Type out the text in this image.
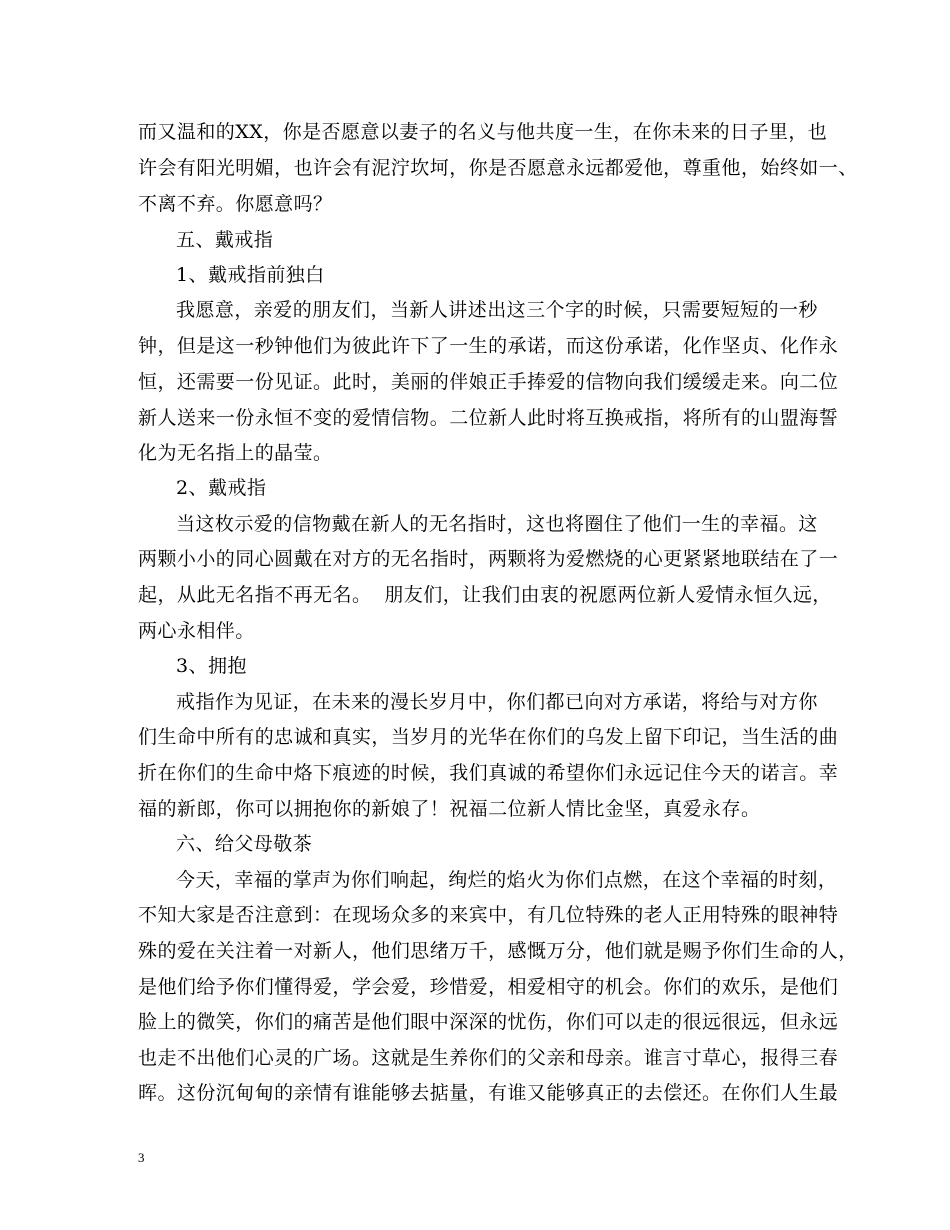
而又温和的XX，你是否愿意以妻子的名义与他共度一生，在你未来的日子里，也
许会有阳光明媚，也许会有泥泞坎坷，你是否愿意永远都爱他，尊重他，始终如一、
不离不弃。你愿意吗？
五、戴戒指
1、戴戒指前独白
我愿意，亲爱的朋友们，当新人讲述出这三个字的时候，只需要短短的一秒
钟，但是这一秒钟他们为彼此许下了一生的承诺，而这份承诺，化作坚贞、化作永
恒，还需要一份见证。此时，美丽的伴娘正手捧爱的信物向我们缓缓走来。向二位
新人送来一份永恒不变的爱情信物。二位新人此时将互换戒指，将所有的山盟海誓
化为无名指上的晶莹。
2、戴戒指
当这枚示爱的信物戴在新人的无名指时，这也将圈住了他们一生的幸福。这
两颗小小的同心圆戴在对方的无名指时，两颗将为爱燃烧的心更紧紧地联结在了一
起，从此无名指不再无名。  朋友们，让我们由衷的祝愿两位新人爱情永恒久远，
两心永相伴。
3、拥抱
戒指作为见证，在未来的漫长岁月中，你们都已向对方承诺，将给与对方你
们生命中所有的忠诚和真实，当岁月的光华在你们的乌发上留下印记，当生活的曲
折在你们的生命中烙下痕迹的时候，我们真诚的希望你们永远记住今天的诺言。幸
福的新郎，你可以拥抱你的新娘了！祝福二位新人情比金坚，真爱永存。
六、给父母敬茶
今天，幸福的掌声为你们响起，绚烂的焰火为你们点燃，在这个幸福的时刻，
不知大家是否注意到：在现场众多的来宾中，有几位特殊的老人正用特殊的眼神特
殊的爱在关注着一对新人，他们思绪万千，感慨万分，他们就是赐予你们生命的人，
是他们给予你们懂得爱，学会爱，珍惜爱，相爱相守的机会。你们的欢乐，是他们
脸上的微笑，你们的痛苦是他们眼中深深的忧伤，你们可以走的很远很远，但永远
也走不出他们心灵的广场。这就是生养你们的父亲和母亲。谁言寸草心，报得三春
晖。这份沉甸甸的亲情有谁能够去掂量，有谁又能够真正的去偿还。在你们人生最
3
